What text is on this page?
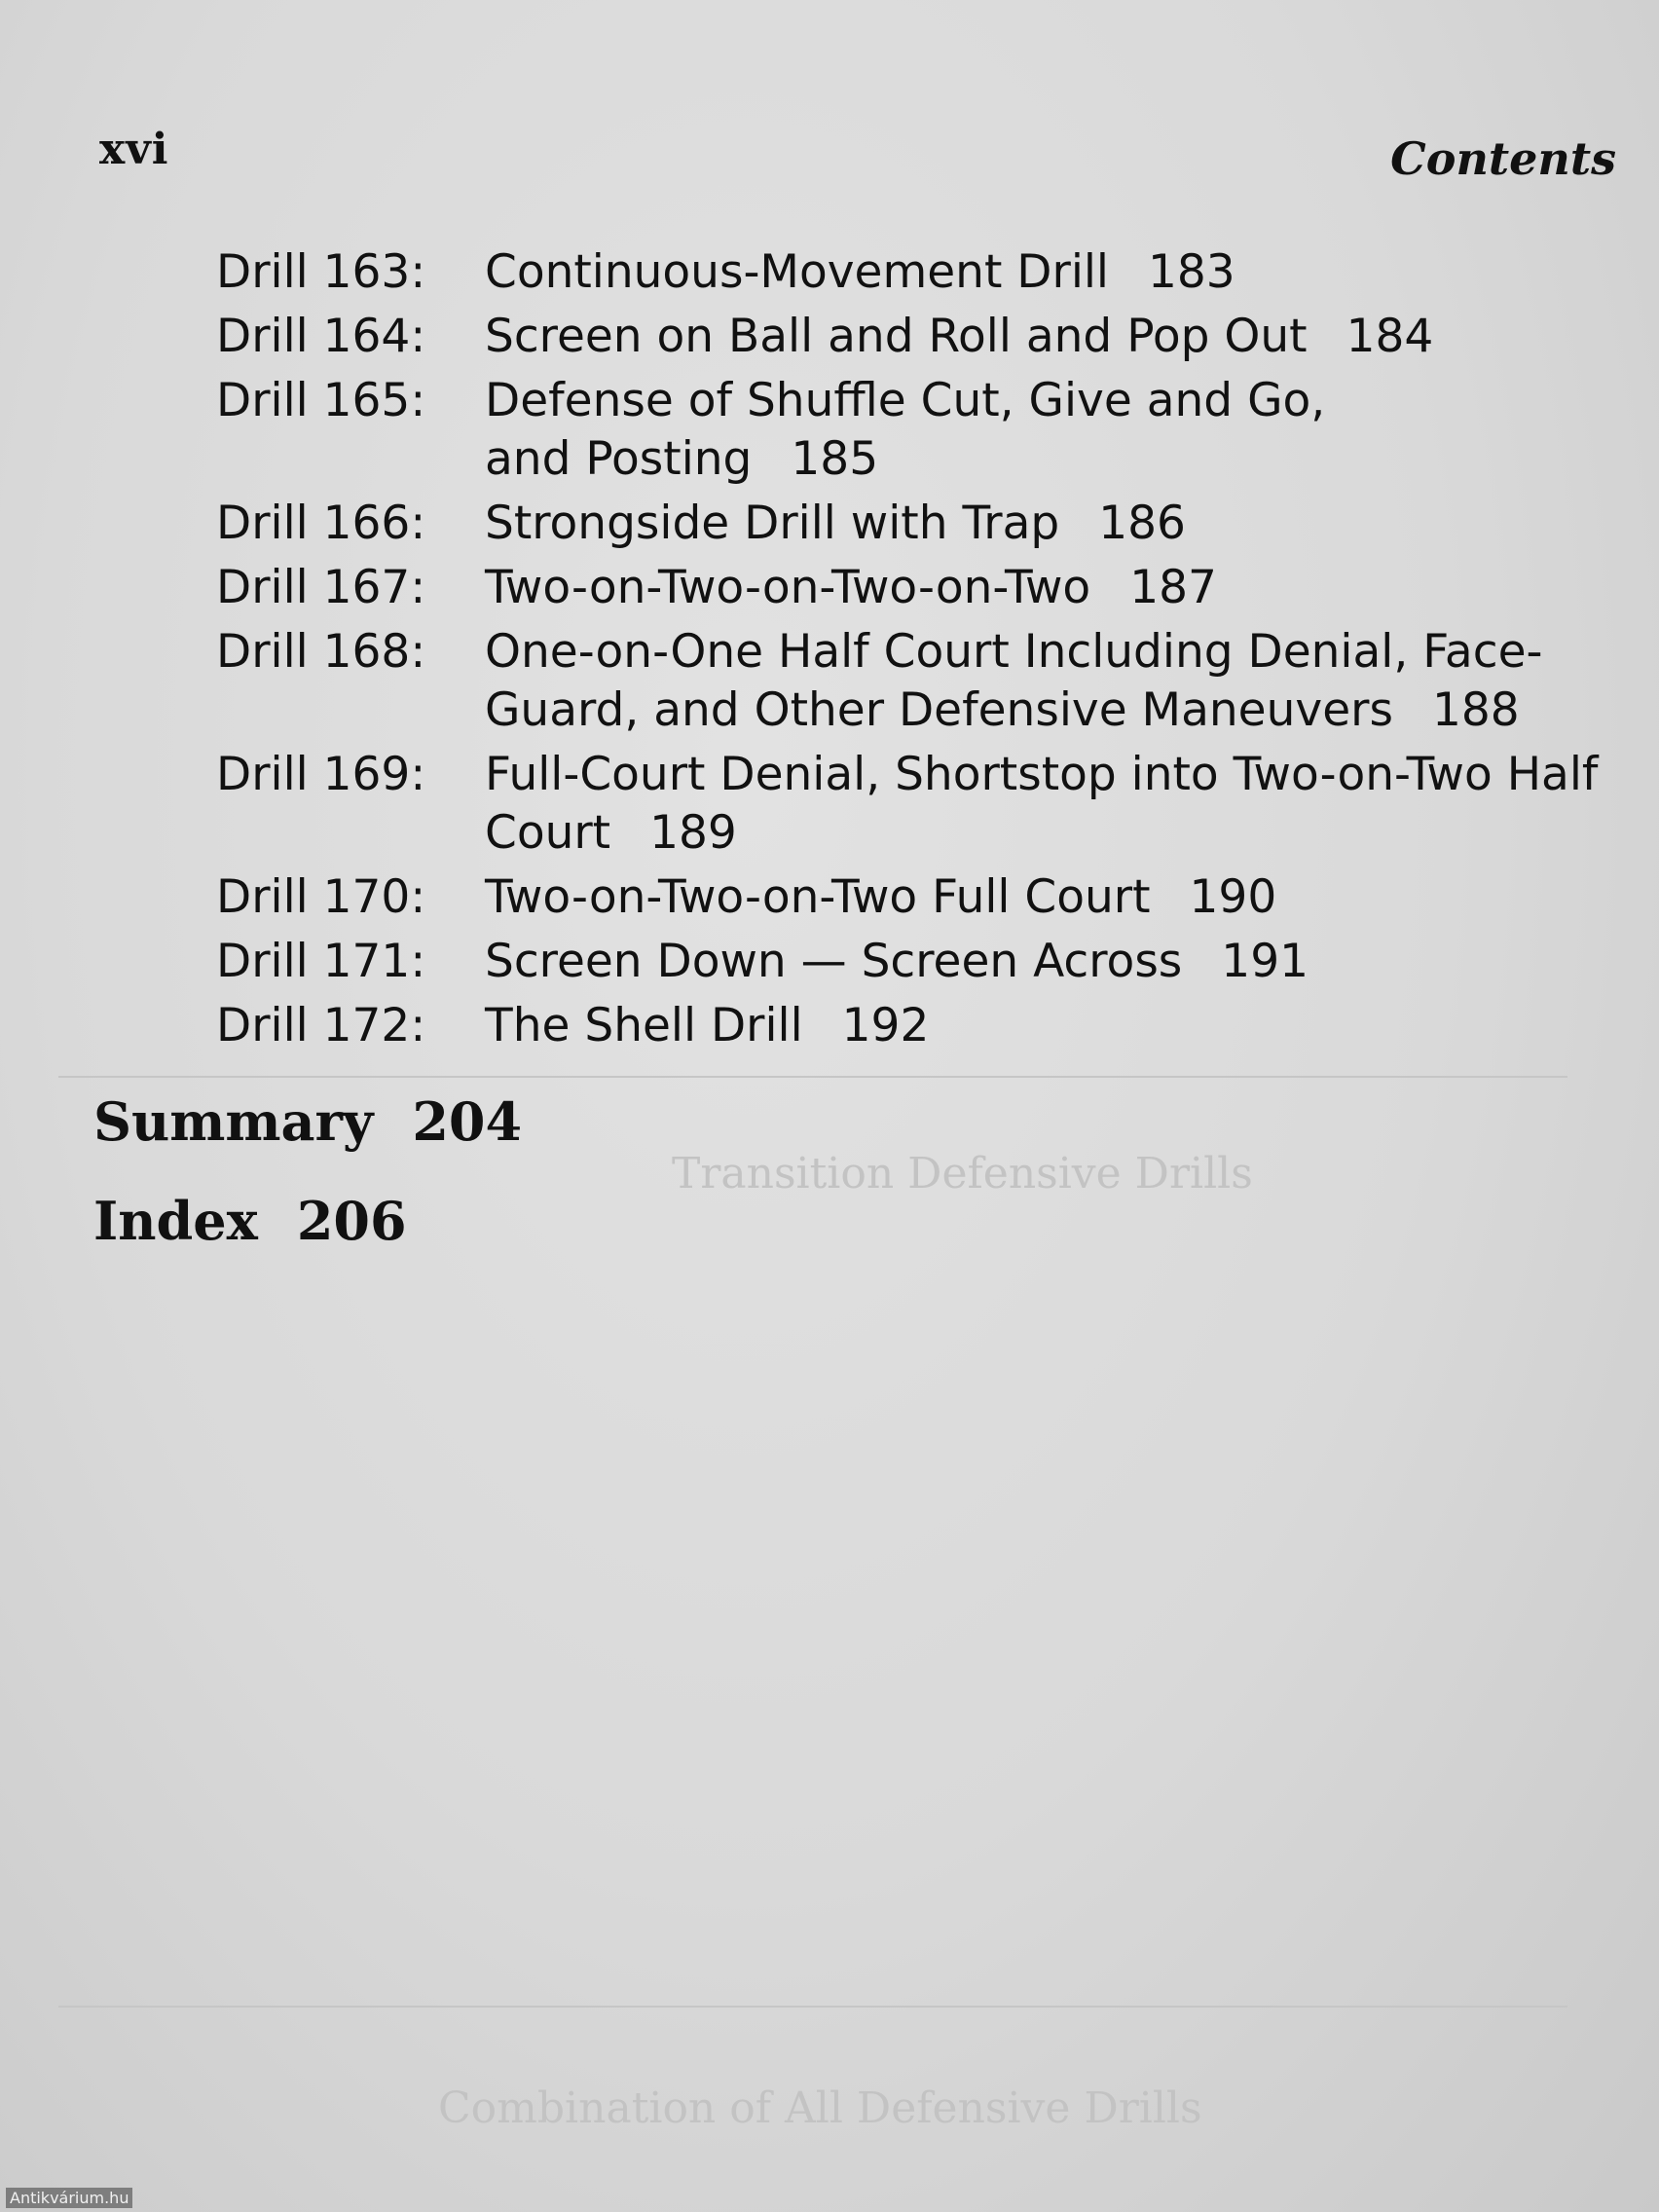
Transition Defensive Drills
Combination of All Defensive Drills
xvi	Contents
Drill 163:	Continuous-Movement Drill 183
Drill 164:	Screen on Ball and Roll and Pop Out 184
Drill 165:	Defense of Shuffle Cut, Give and Go, and Posting 185
Drill 166:	Strongside Drill with Trap 186
Drill 167:	Two-on-Two-on-Two-on-Two 187
Drill 168:	One-on-One Half Court Including Denial, Face-Guard, and Other Defensive Maneuvers 188
Drill 169:	Full-Court Denial, Shortstop into Two-on-Two Half Court 189
Drill 170:	Two-on-Two-on-Two Full Court 190
Drill 171:	Screen Down — Screen Across 191
Drill 172:	The Shell Drill 192
Summary 204
Index 206
Antikvárium.hu
